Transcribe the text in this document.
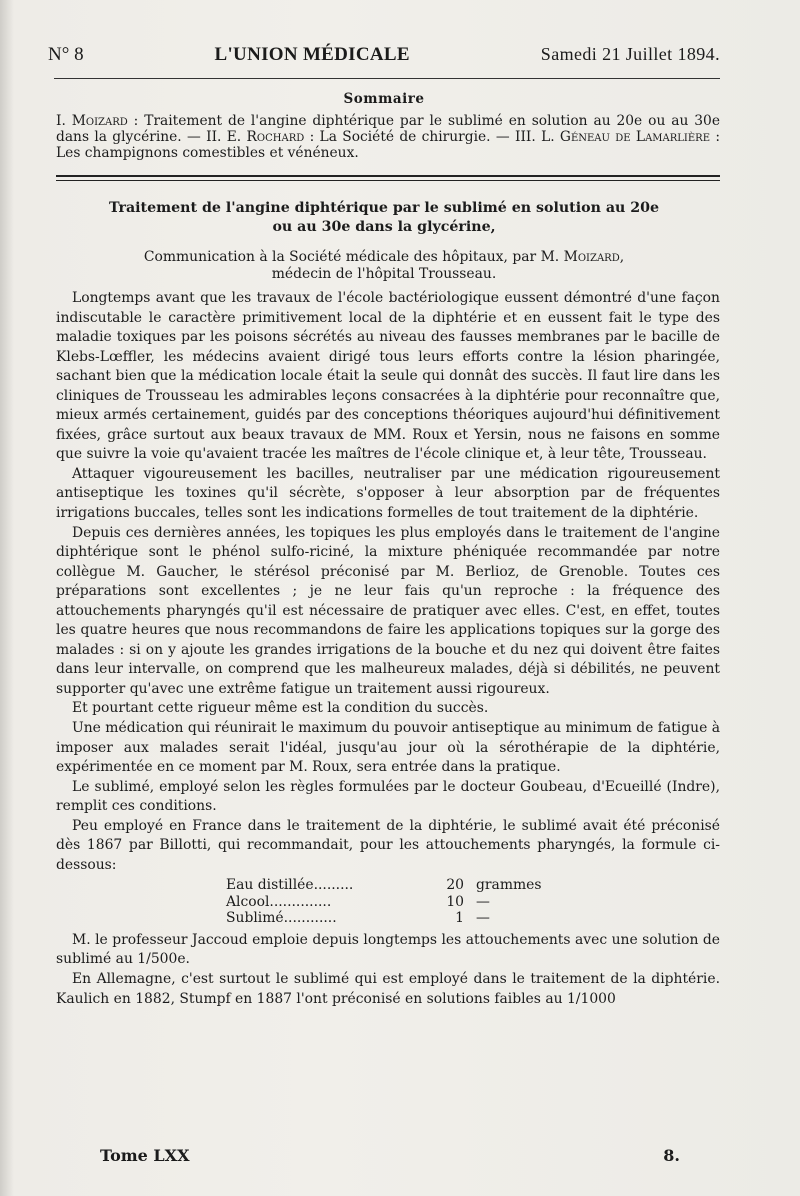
N° 8	L'UNION MÉDICALE	Samedi 21 Juillet 1894.
Sommaire
I. Moizard : Traitement de l'angine diphtérique par le sublimé en solution au 20e ou au 30e dans la glycérine. — II. E. Rochard : La Société de chirurgie. — III. L. Géneau de Lamarlière : Les champignons comestibles et vénéneux.
Traitement de l'angine diphtérique par le sublimé en solution au 20e
ou au 30e dans la glycérine,
Communication à la Société médicale des hôpitaux, par M. Moizard,
médecin de l'hôpital Trousseau.

Longtemps avant que les travaux de l'école bactériologique eussent démontré d'une façon indiscutable le caractère primitivement local de la diphtérie et en eussent fait le type des maladie toxiques par les poisons sécrétés au niveau des fausses membranes par le bacille de Klebs-Lœffler, les médecins avaient dirigé tous leurs efforts contre la lésion pharingée, sachant bien que la médication locale était la seule qui donnât des succès. Il faut lire dans les cliniques de Trousseau les admirables leçons consacrées à la diphtérie pour reconnaître que, mieux armés certainement, guidés par des conceptions théoriques aujourd'hui définitivement fixées, grâce surtout aux beaux travaux de MM. Roux et Yersin, nous ne faisons en somme que suivre la voie qu'avaient tracée les maîtres de l'école clinique et, à leur tête, Trousseau.

Attaquer vigoureusement les bacilles, neutraliser par une médication rigoureusement antiseptique les toxines qu'il sécrète, s'opposer à leur absorption par de fréquentes irrigations buccales, telles sont les indications formelles de tout traitement de la diphtérie.

Depuis ces dernières années, les topiques les plus employés dans le traitement de l'angine diphtérique sont le phénol sulfo-riciné, la mixture phéniquée recommandée par notre collègue M. Gaucher, le stérésol préconisé par M. Berlioz, de Grenoble. Toutes ces préparations sont excellentes ; je ne leur fais qu'un reproche : la fréquence des attouchements pharyngés qu'il est nécessaire de pratiquer avec elles. C'est, en effet, toutes les quatre heures que nous recommandons de faire les applications topiques sur la gorge des malades : si on y ajoute les grandes irrigations de la bouche et du nez qui doivent être faites dans leur intervalle, on comprend que les malheureux malades, déjà si débilités, ne peuvent supporter qu'avec une extrême fatigue un traitement aussi rigoureux.

Et pourtant cette rigueur même est la condition du succès.

Une médication qui réunirait le maximum du pouvoir antiseptique au minimum de fatigue à imposer aux malades serait l'idéal, jusqu'au jour où la sérothérapie de la diphtérie, expérimentée en ce moment par M. Roux, sera entrée dans la pratique.

Le sublimé, employé selon les règles formulées par le docteur Goubeau, d'Ecueillé (Indre), remplit ces conditions.

Peu employé en France dans le traitement de la diphtérie, le sublimé avait été préconisé dès 1867 par Billotti, qui recommandait, pour les attouchements pharyngés, la formule ci-dessous:

Eau distillée.........	20 grammes
Alcool..............	10 —
Sublimé............	1 —

M. le professeur Jaccoud emploie depuis longtemps les attouchements avec une solution de sublimé au 1/500e.

En Allemagne, c'est surtout le sublimé qui est employé dans le traitement de la diphtérie. Kaulich en 1882, Stumpf en 1887 l'ont préconisé en solutions faibles au 1/1000

Tome LXX	8.
